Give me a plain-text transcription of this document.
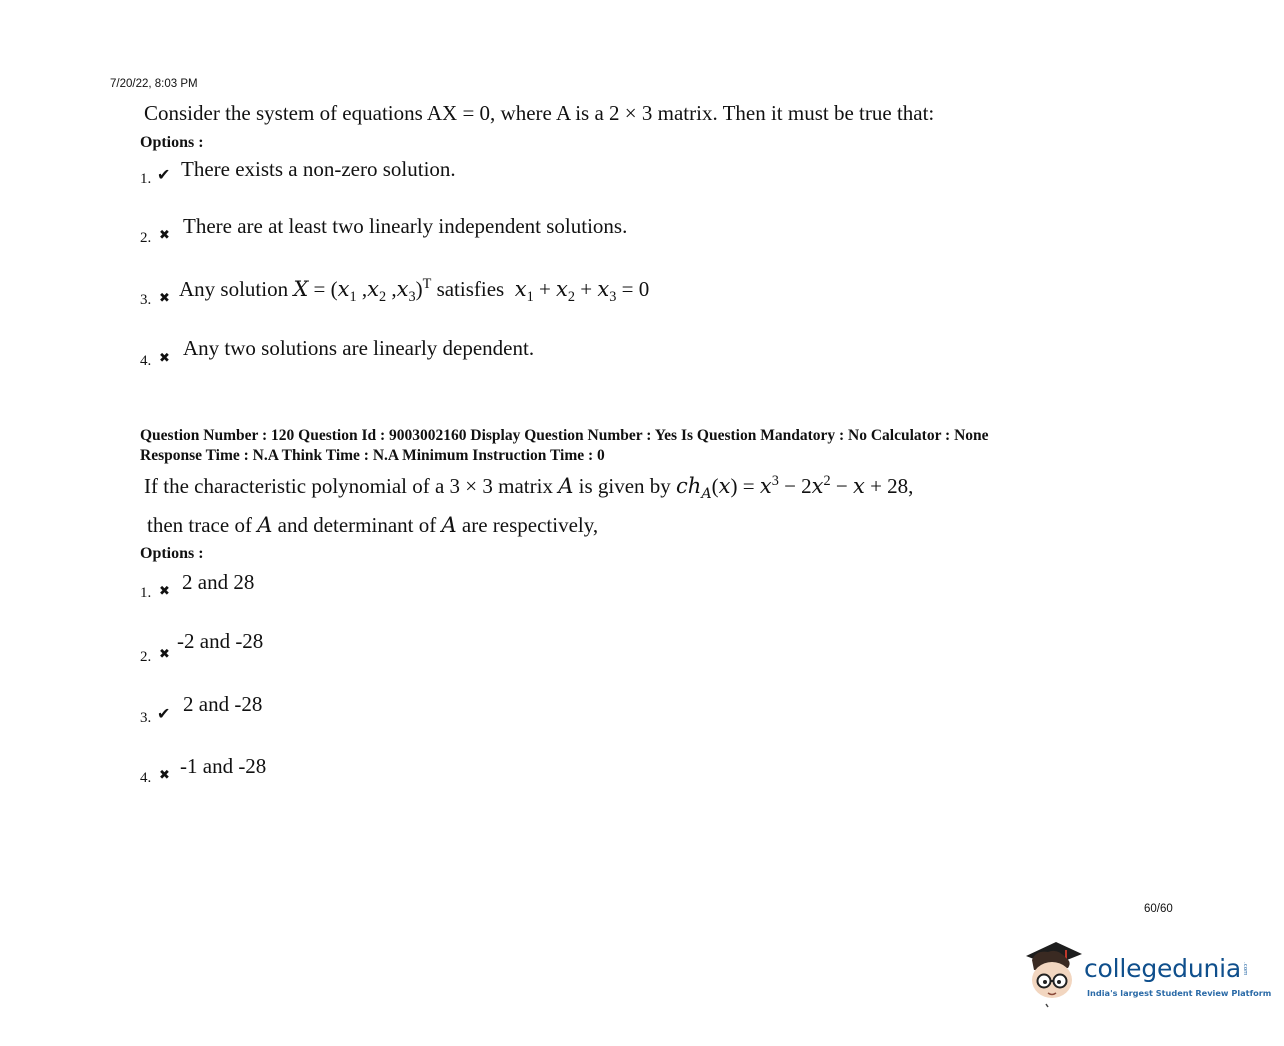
7/20/22, 8:03 PM
Consider the system of equations AX = 0, where A is a 2 × 3 matrix. Then it must be true that:
Options :
1. ✔ There exists a non-zero solution.
2. ✖ There are at least two linearly independent solutions.
3. ✖ Any solution $X = (x_1$ $,x_2$ $,x_3)^T$ satisfies  $x_1 + x_2 + x_3 = 0$
4. ✖ Any two solutions are linearly dependent.
Question Number : 120 Question Id : 9003002160 Display Question Number : Yes Is Question Mandatory : No Calculator : None
Response Time : N.A Think Time : N.A Minimum Instruction Time : 0
If the characteristic polynomial of a 3 × 3 matrix A is given by $ch_A(x) = x^3 - 2x^2 - x + 28$,
then trace of A and determinant of A are respectively,
Options :
1. ✖ 2 and 28
2. ✖
-2 and -28
3. ✔ 2 and -28
4. ✖ -1 and -28
60/60
collegedunia .com
India's largest Student Review Platform
